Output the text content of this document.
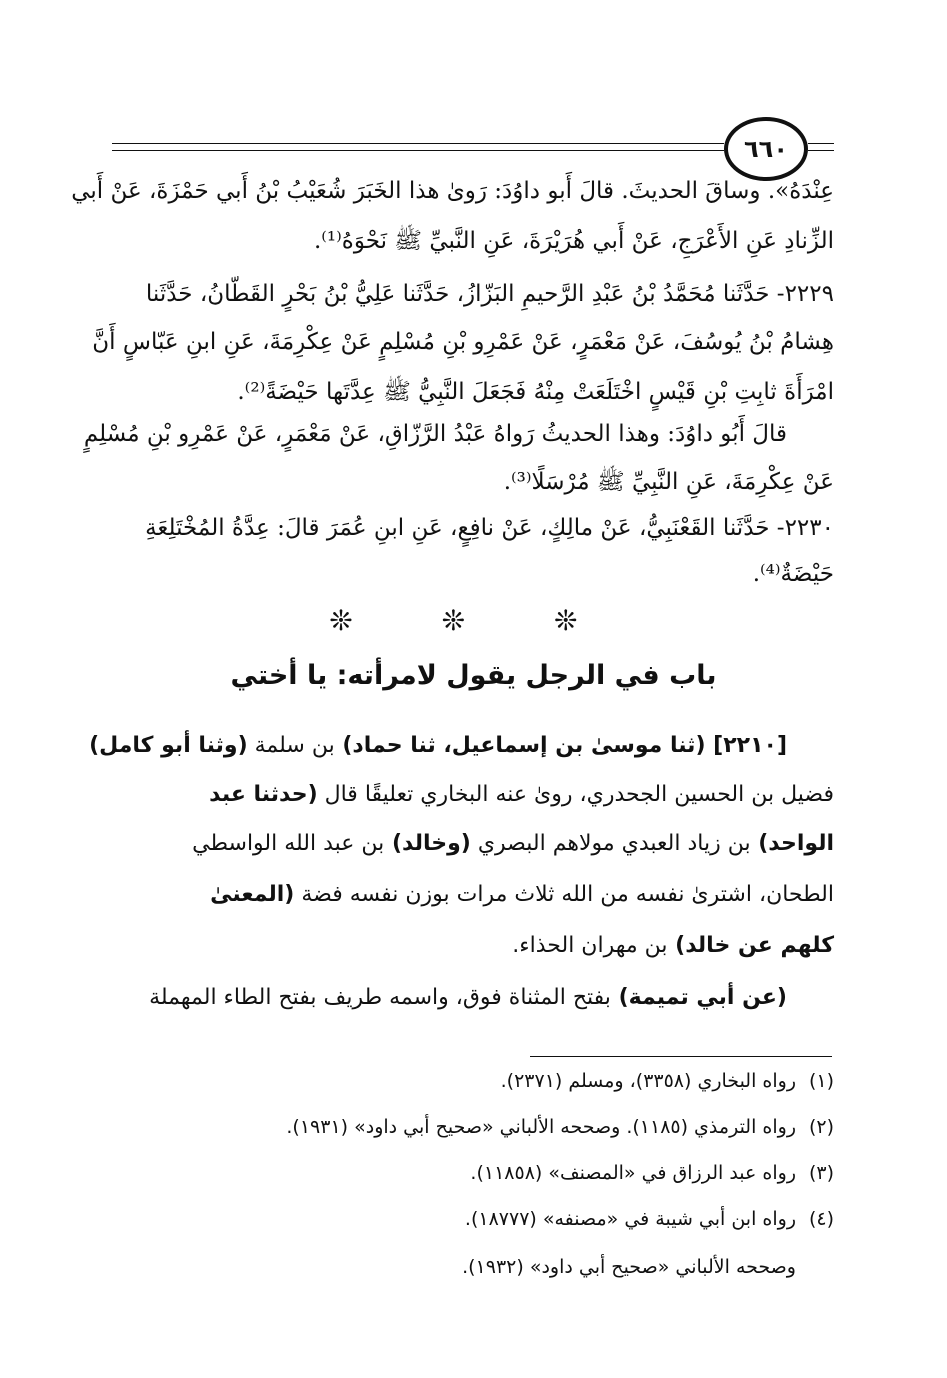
٦٦٠
عِنْدَهُ». وساقَ الحديثَ. قالَ أَبو داوُدَ: رَوىٰ هذا الخَبَرَ شُعَيْبُ بْنُ أَبي حَمْزَةَ، عَنْ أَبي
الزِّنادِ عَنِ الأَعْرَجِ، عَنْ أَبي هُرَيْرَةَ، عَنِ النَّبيِّ ﷺ نَحْوَهُ⁽¹⁾.
٢٢٢٩- حَدَّثَنا مُحَمَّدُ بْنُ عَبْدِ الرَّحيمِ البَزّازُ، حَدَّثَنا عَلِيُّ بْنُ بَحْرٍ القَطّانُ، حَدَّثَنا
هِشامُ بْنُ يُوسُفَ، عَنْ مَعْمَرٍ، عَنْ عَمْرِو بْنِ مُسْلِمٍ عَنْ عِكْرِمَةَ، عَنِ ابنِ عَبّاسٍ أَنَّ
امْرَأَةَ ثابِتِ بْنِ قَيْسٍ اخْتَلَعَتْ مِنْهُ فَجَعَلَ النَّبِيُّ ﷺ عِدَّتَها حَيْضَةً⁽²⁾.
قالَ أَبُو داوُدَ: وهذا الحديثُ رَواهُ عَبْدُ الرَّزّاقِ، عَنْ مَعْمَرٍ، عَنْ عَمْرِو بْنِ مُسْلِمٍ
عَنْ عِكْرِمَةَ، عَنِ النَّبِيِّ ﷺ مُرْسَلًا⁽³⁾.
٢٢٣٠- حَدَّثَنا القَعْنَبِيُّ، عَنْ مالِكٍ، عَنْ نافِعٍ، عَنِ ابنِ عُمَرَ قالَ: عِدَّةُ المُخْتَلِعَةِ
حَيْضَةٌ⁽⁴⁾.
❊ ❊ ❊
باب في الرجل يقول لامرأته: يا أختي
[٢٢١٠] (ثنا موسىٰ بن إسماعيل، ثنا حماد) بن سلمة (وثنا أبو كامل)
فضيل بن الحسين الجحدري، روىٰ عنه البخاري تعليقًا قال (حدثنا عبد
الواحد) بن زياد العبدي مولاهم البصري (وخالد) بن عبد الله الواسطي
الطحان، اشترىٰ نفسه من الله ثلاث مرات بوزن نفسه فضة (المعنىٰ
كلهم عن خالد) بن مهران الحذاء.
(عن أبي تميمة) بفتح المثناة فوق، واسمه طريف بفتح الطاء المهملة
(١)رواه البخاري (٣٣٥٨)، ومسلم (٢٣٧١).
(٢)رواه الترمذي (١١٨٥). وصححه الألباني «صحيح أبي داود» (١٩٣١).
(٣)رواه عبد الرزاق في «المصنف» (١١٨٥٨).
(٤)رواه ابن أبي شيبة في «مصنفه» (١٨٧٧٧).
وصححه الألباني «صحيح أبي داود» (١٩٣٢).
